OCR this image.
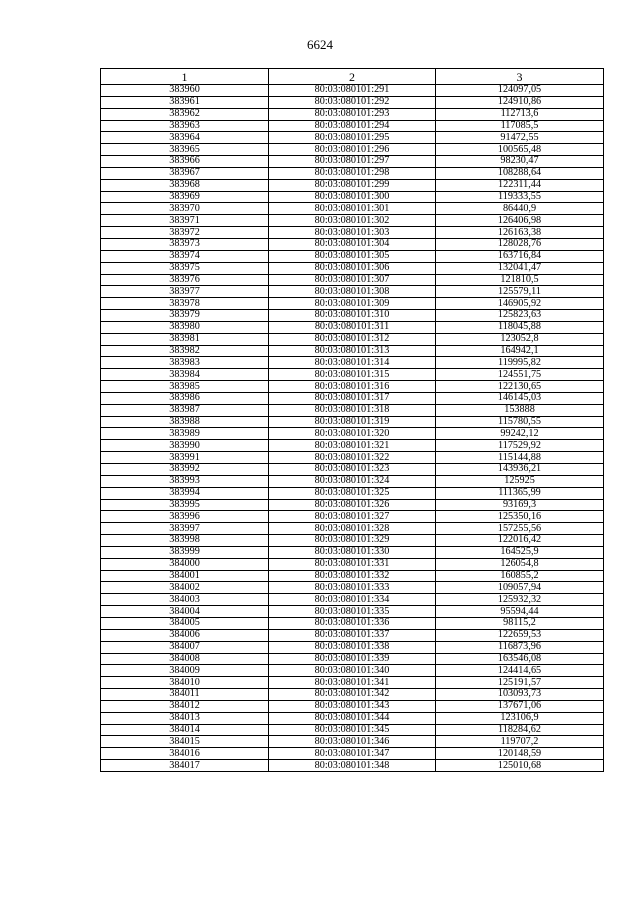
6624
1	2	3
383960	80:03:080101:291	124097,05
383961	80:03:080101:292	124910,86
383962	80:03:080101:293	112713,6
383963	80:03:080101:294	117085,5
383964	80:03:080101:295	91472,55
383965	80:03:080101:296	100565,48
383966	80:03:080101:297	98230,47
383967	80:03:080101:298	108288,64
383968	80:03:080101:299	122311,44
383969	80:03:080101:300	119333,55
383970	80:03:080101:301	86440,9
383971	80:03:080101:302	126406,98
383972	80:03:080101:303	126163,38
383973	80:03:080101:304	128028,76
383974	80:03:080101:305	163716,84
383975	80:03:080101:306	132041,47
383976	80:03:080101:307	121810,5
383977	80:03:080101:308	125579,11
383978	80:03:080101:309	146905,92
383979	80:03:080101:310	125823,63
383980	80:03:080101:311	118045,88
383981	80:03:080101:312	123052,8
383982	80:03:080101:313	164942,1
383983	80:03:080101:314	119995,82
383984	80:03:080101:315	124551,75
383985	80:03:080101:316	122130,65
383986	80:03:080101:317	146145,03
383987	80:03:080101:318	153888
383988	80:03:080101:319	115780,55
383989	80:03:080101:320	99242,12
383990	80:03:080101:321	117529,92
383991	80:03:080101:322	115144,88
383992	80:03:080101:323	143936,21
383993	80:03:080101:324	125925
383994	80:03:080101:325	111365,99
383995	80:03:080101:326	93169,3
383996	80:03:080101:327	125350,16
383997	80:03:080101:328	157255,56
383998	80:03:080101:329	122016,42
383999	80:03:080101:330	164525,9
384000	80:03:080101:331	126054,8
384001	80:03:080101:332	160855,2
384002	80:03:080101:333	109057,94
384003	80:03:080101:334	125932,32
384004	80:03:080101:335	95594,44
384005	80:03:080101:336	98115,2
384006	80:03:080101:337	122659,53
384007	80:03:080101:338	116873,96
384008	80:03:080101:339	163546,08
384009	80:03:080101:340	124414,65
384010	80:03:080101:341	125191,57
384011	80:03:080101:342	103093,73
384012	80:03:080101:343	137671,06
384013	80:03:080101:344	123106,9
384014	80:03:080101:345	118284,62
384015	80:03:080101:346	119707,2
384016	80:03:080101:347	120148,59
384017	80:03:080101:348	125010,68
